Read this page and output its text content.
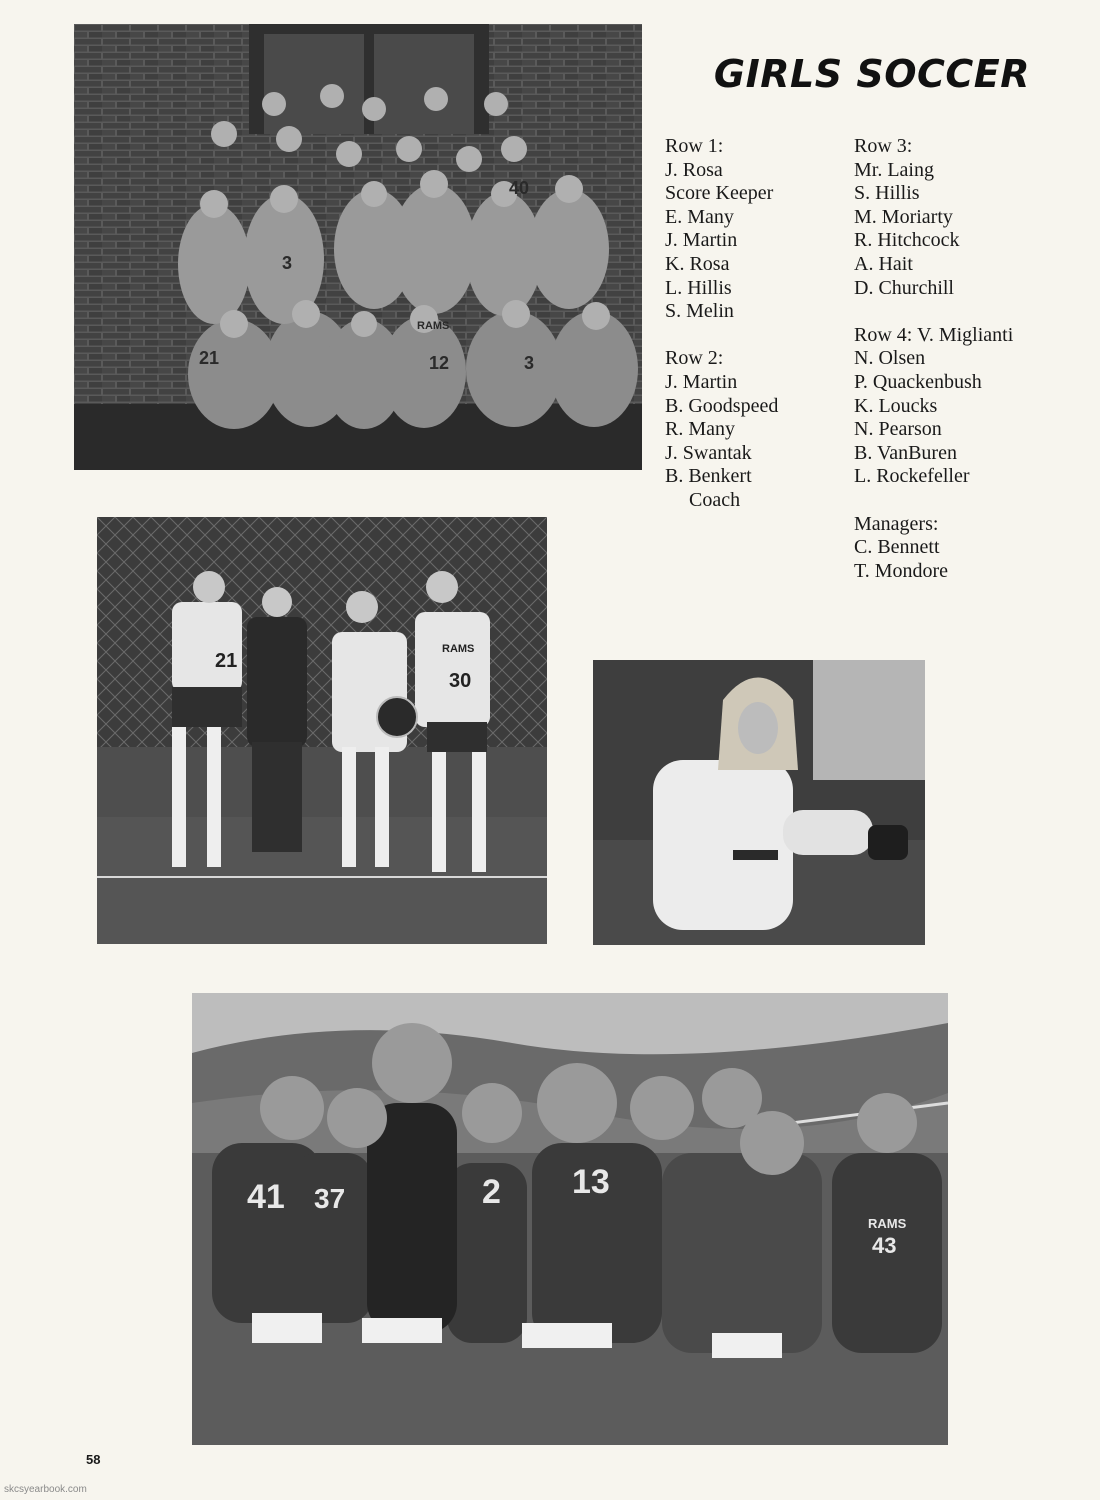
GIRLS SOCCER
21	12	3
40
3
RAMS
Row 1:
J. Rosa
Score Keeper
E. Many
J. Martin
K. Rosa
L. Hillis
S. Melin
Row 2:
J. Martin
B. Goodspeed
R. Many
J. Swantak
B. Benkert
Coach
Row 3:
Mr. Laing
S. Hillis
M. Moriarty
R. Hitchcock
A. Hait
D. Churchill
Row 4: V. Miglianti
N. Olsen
P. Quackenbush
K. Loucks
N. Pearson
B. VanBuren
L. Rockefeller
Managers:
C. Bennett
T. Mondore
21
30
RAMS
41 37	2 13
43
RAMS
58
skcsyearbook.com
